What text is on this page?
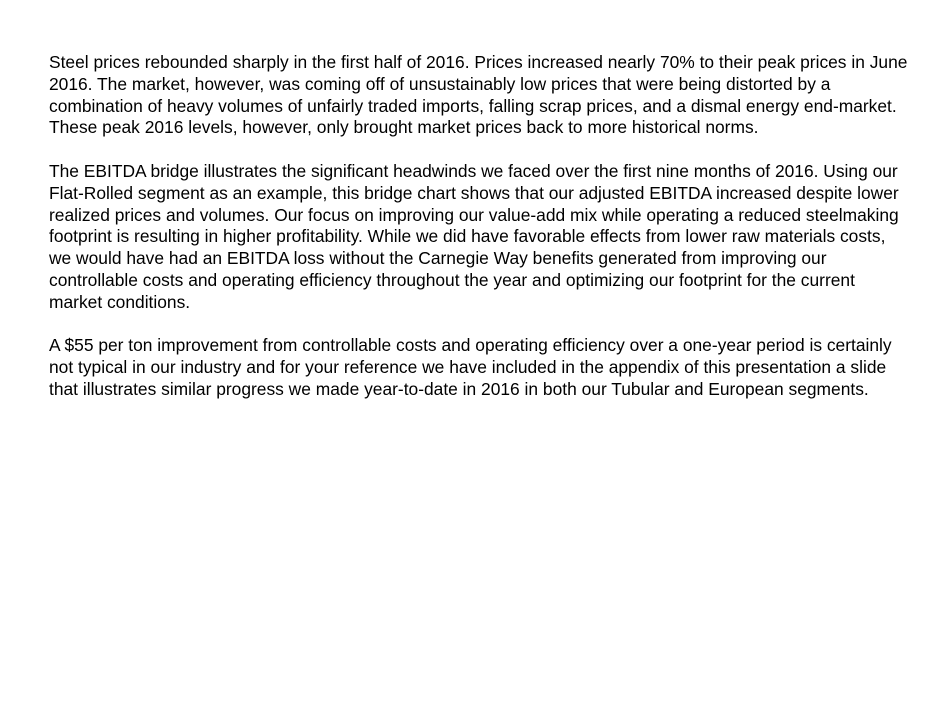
Steel prices rebounded sharply in the first half of 2016. Prices increased nearly 70% to their peak prices in June 2016. The market, however, was coming off of unsustainably low prices that were being distorted by a combination of heavy volumes of unfairly traded imports, falling scrap prices, and a dismal energy end-market. These peak 2016 levels, however, only brought market prices back to more historical norms.

The EBITDA bridge illustrates the significant headwinds we faced over the first nine months of 2016. Using our Flat-Rolled segment as an example, this bridge chart shows that our adjusted EBITDA increased despite lower realized prices and volumes. Our focus on improving our value-add mix while operating a reduced steelmaking footprint is resulting in higher profitability. While we did have favorable effects from lower raw materials costs, we would have had an EBITDA loss without the Carnegie Way benefits generated from improving our controllable costs and operating efficiency throughout the year and optimizing our footprint for the current market conditions.

A $55 per ton improvement from controllable costs and operating efficiency over a one-year period is certainly not typical in our industry and for your reference we have included in the appendix of this presentation a slide that illustrates similar progress we made year-to-date in 2016 in both our Tubular and European segments.
